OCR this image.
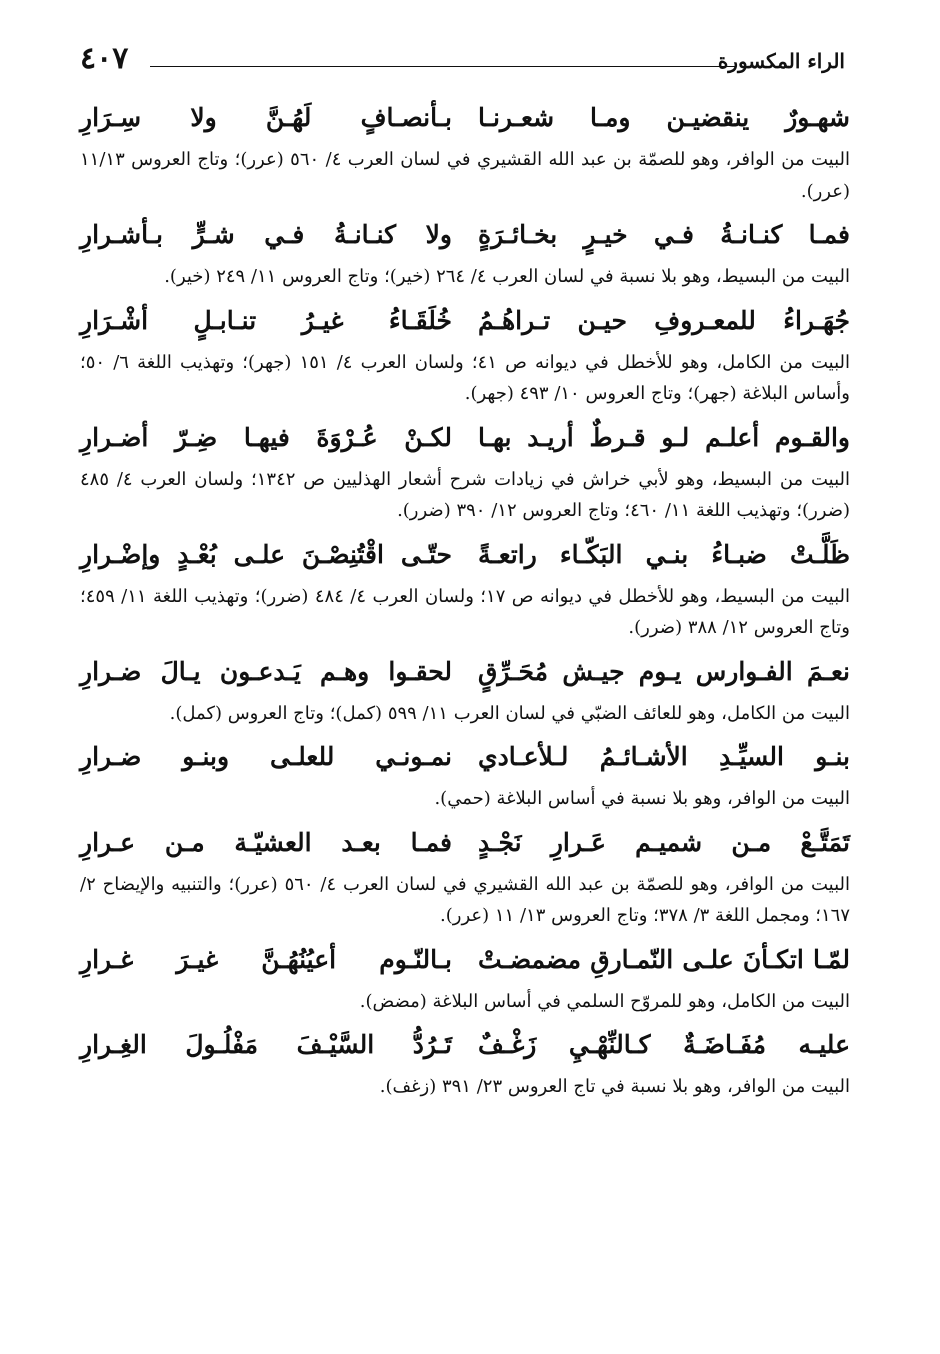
٤٠٧	الراء المكسورة
شهـورٌ ينقضيـن ومـا شعـرنـا
بـأنصـافٍ لَهُـنَّ ولا سِـرَارِ
البيت من الوافر، وهو للصمّة بن عبد الله القشيري في لسان العرب ٤/ ٥٦٠ (عرر)؛ وتاج العروس ١١/١٣ (عرر).
فمـا كنـانـةُ فـي خيـرٍ بخـائـرَةٍ
ولا كنـانـةُ فـي شـرٍّ بـأشـرارِ
البيت من البسيط، وهو بلا نسبة في لسان العرب ٤/ ٢٦٤ (خير)؛ وتاج العروس ١١/ ٢٤٩ (خير).
جُهَـراءُ للمعـروفِ حيـن تـراهُـمُ
خُلَقَـاءُ غيـرُ تنـابـلٍ أشْـرَارِ
البيت من الكامل، وهو للأخطل في ديوانه ص ٤١؛ ولسان العرب ٤/ ١٥١ (جهر)؛ وتهذيب اللغة ٦/ ٥٠؛ وأساس البلاغة (جهر)؛ وتاج العروس ١٠/ ٤٩٣ (جهر).
والقـوم أعلـم لـو قـرطٌ أريـد بهـا
لكـنْ عُـرْوَةَ فيهـا ضِـرّ أضـرارِ
البيت من البسيط، وهو لأبي خراش في زيادات شرح أشعار الهذليين ص ١٣٤٢؛ ولسان العرب ٤/ ٤٨٥ (ضرر)؛ وتهذيب اللغة ١١/ ٤٦٠؛ وتاج العروس ١٢/ ٣٩٠ (ضرر).
ظَلَّـتْ ضبـاءُ بنـي البَكّـاء راتعـةً
حتّـى اقْتُنِصْـنَ علـى بُعْـدٍ وإضْـرارِ
البيت من البسيط، وهو للأخطل في ديوانه ص ١٧؛ ولسان العرب ٤/ ٤٨٤ (ضرر)؛ وتهذيب اللغة ١١/ ٤٥٩؛ وتاج العروس ١٢/ ٣٨٨ (ضرر).
نعـمَ الفـوارس يـوم جيـش مُحَـرِّقٍ
لحقـوا وهـم يَـدعـون يـالَ ضـرارِ
البيت من الكامل، وهو للعائف الضبّي في لسان العرب ١١/ ٥٩٩ (كمل)؛ وتاج العروس (كمل).
بنـو السيِّـدِ الأشـائـمُ لـلأعـادي
نمـونـي للعلـى وبنـو ضـرارِ
البيت من الوافر، وهو بلا نسبة في أساس البلاغة (حمي).
تَمَتَّـعْ مـن شميـم عَـرارِ نَجْـدٍ
فمـا بعـد العشيّـة مـن عـرارِ
البيت من الوافر، وهو للصمّة بن عبد الله القشيري في لسان العرب ٤/ ٥٦٠ (عرر)؛ والتنبيه والإيضاح ٢/ ١٦٧؛ ومجمل اللغة ٣/ ٣٧٨؛ وتاج العروس ١٣/ ١١ (عرر).
لمّـا اتكـأنَ علـى النّمـارقِ مضمضـتْ
بـالنّـوم أعيُنُهُـنَّ غيـرَ غـرارِ
البيت من الكامل، وهو للمروّح السلمي في أساس البلاغة (مضض).
عليـه مُفَـاضَـةٌ كـالنِّهْـيِ زَغْـفٌ
تَـرُدُّ السَّيْـفَ مَفْلُـولَ الغِـرارِ
البيت من الوافر، وهو بلا نسبة في تاج العروس ٢٣/ ٣٩١ (زغف).
